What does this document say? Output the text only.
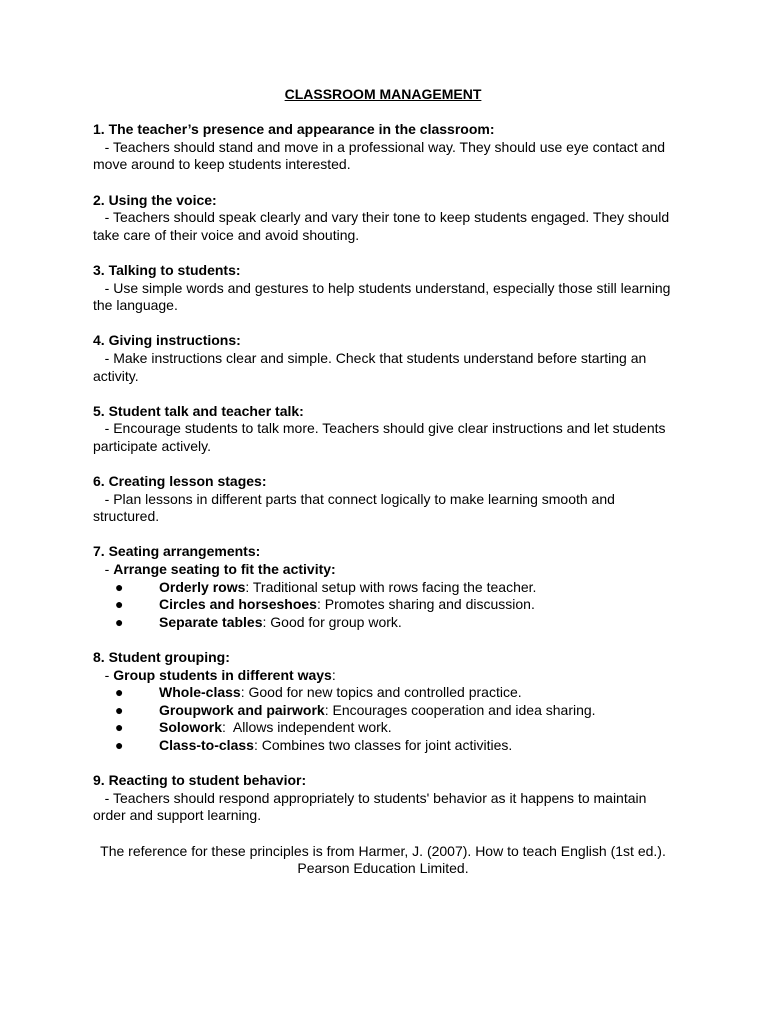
CLASSROOM MANAGEMENT
1. The teacher’s presence and appearance in the classroom:
- Teachers should stand and move in a professional way. They should use eye contact and move around to keep students interested.
2. Using the voice:
- Teachers should speak clearly and vary their tone to keep students engaged. They should take care of their voice and avoid shouting.
3. Talking to students:
- Use simple words and gestures to help students understand, especially those still learning the language.
4. Giving instructions:
- Make instructions clear and simple. Check that students understand before starting an activity.
5. Student talk and teacher talk:
- Encourage students to talk more. Teachers should give clear instructions and let students participate actively.
6. Creating lesson stages:
- Plan lessons in different parts that connect logically to make learning smooth and structured.
7. Seating arrangements:
- Arrange seating to fit the activity:
●	Orderly rows: Traditional setup with rows facing the teacher.
●	Circles and horseshoes: Promotes sharing and discussion.
●	Separate tables: Good for group work.
8. Student grouping:
- Group students in different ways:
●	Whole-class: Good for new topics and controlled practice.
●	Groupwork and pairwork: Encourages cooperation and idea sharing.
●	Solowork:  Allows independent work.
●	Class-to-class: Combines two classes for joint activities.
9. Reacting to student behavior:
- Teachers should respond appropriately to students' behavior as it happens to maintain order and support learning.
The reference for these principles is from Harmer, J. (2007). How to teach English (1st ed.). Pearson Education Limited.
